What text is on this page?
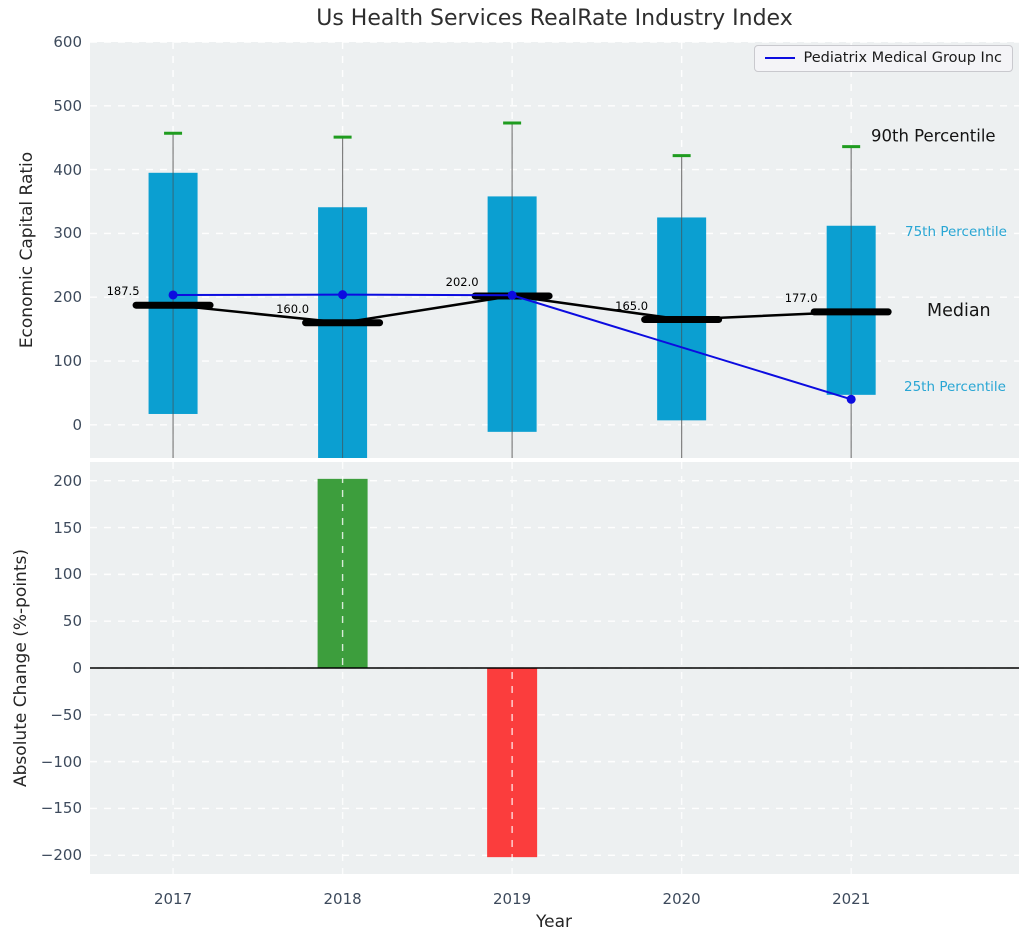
Us Health Services RealRate Industry Index
Economic Capital Ratio
Absolute Change (%-points)
Year
Pediatrix Medical Group Inc
90th Percentile
75th Percentile
Median
25th Percentile
0
100
200
300
400
500
600
187.5
160.0
202.0
165.0
177.0
−200
−150
−100
−50
0
50
100
150
200
2017	2018	2019	2020	2021
